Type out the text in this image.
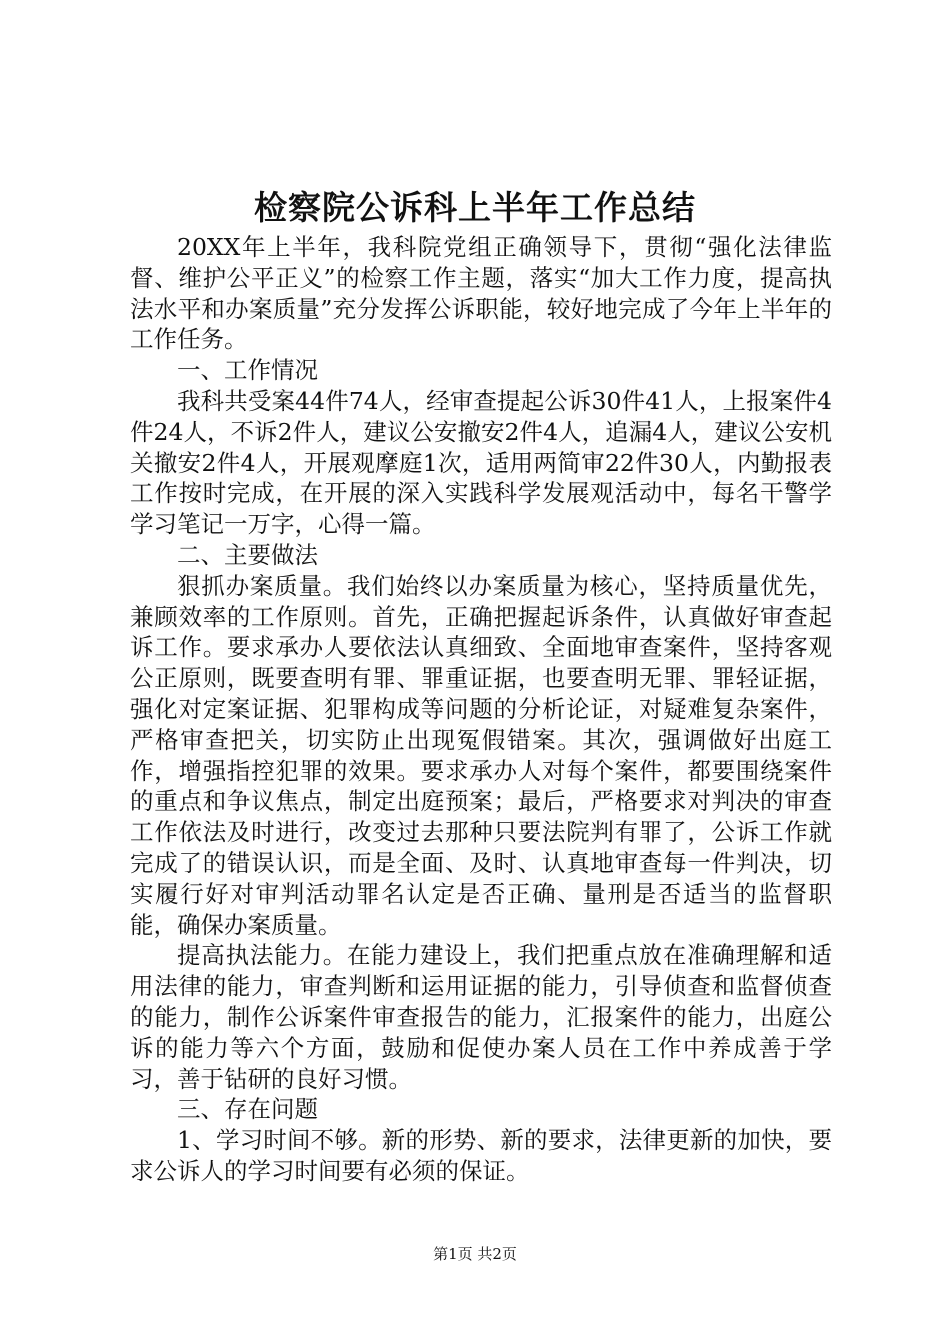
检察院公诉科上半年工作总结

20XX年上半年，我科院党组正确领导下，贯彻“强化法律监督、维护公平正义”的检察工作主题，落实“加大工作力度，提高执法水平和办案质量”充分发挥公诉职能，较好地完成了今年上半年的工作任务。

一、工作情况

我科共受案44件74人，经审查提起公诉30件41人，上报案件4件24人，不诉2件人，建议公安撤安2件4人，追漏4人，建议公安机关撤安2件4人，开展观摩庭1次，适用两简审22件30人，内勤报表工作按时完成，在开展的深入实践科学发展观活动中，每名干警学学习笔记一万字，心得一篇。

二、主要做法

狠抓办案质量。我们始终以办案质量为核心，坚持质量优先，兼顾效率的工作原则。首先，正确把握起诉条件，认真做好审查起诉工作。要求承办人要依法认真细致、全面地审查案件，坚持客观公正原则，既要查明有罪、罪重证据，也要查明无罪、罪轻证据，强化对定案证据、犯罪构成等问题的分析论证，对疑难复杂案件，严格审查把关，切实防止出现冤假错案。其次，强调做好出庭工作，增强指控犯罪的效果。要求承办人对每个案件，都要围绕案件的重点和争议焦点，制定出庭预案；最后，严格要求对判决的审查工作依法及时进行，改变过去那种只要法院判有罪了，公诉工作就完成了的错误认识，而是全面、及时、认真地审查每一件判决，切实履行好对审判活动罪名认定是否正确、量刑是否适当的监督职能，确保办案质量。

提高执法能力。在能力建设上，我们把重点放在准确理解和适用法律的能力，审查判断和运用证据的能力，引导侦查和监督侦查的能力，制作公诉案件审查报告的能力，汇报案件的能力，出庭公诉的能力等六个方面，鼓励和促使办案人员在工作中养成善于学习，善于钻研的良好习惯。

三、存在问题

1、学习时间不够。新的形势、新的要求，法律更新的加快，要求公诉人的学习时间要有必须的保证。

第1页 共2页
